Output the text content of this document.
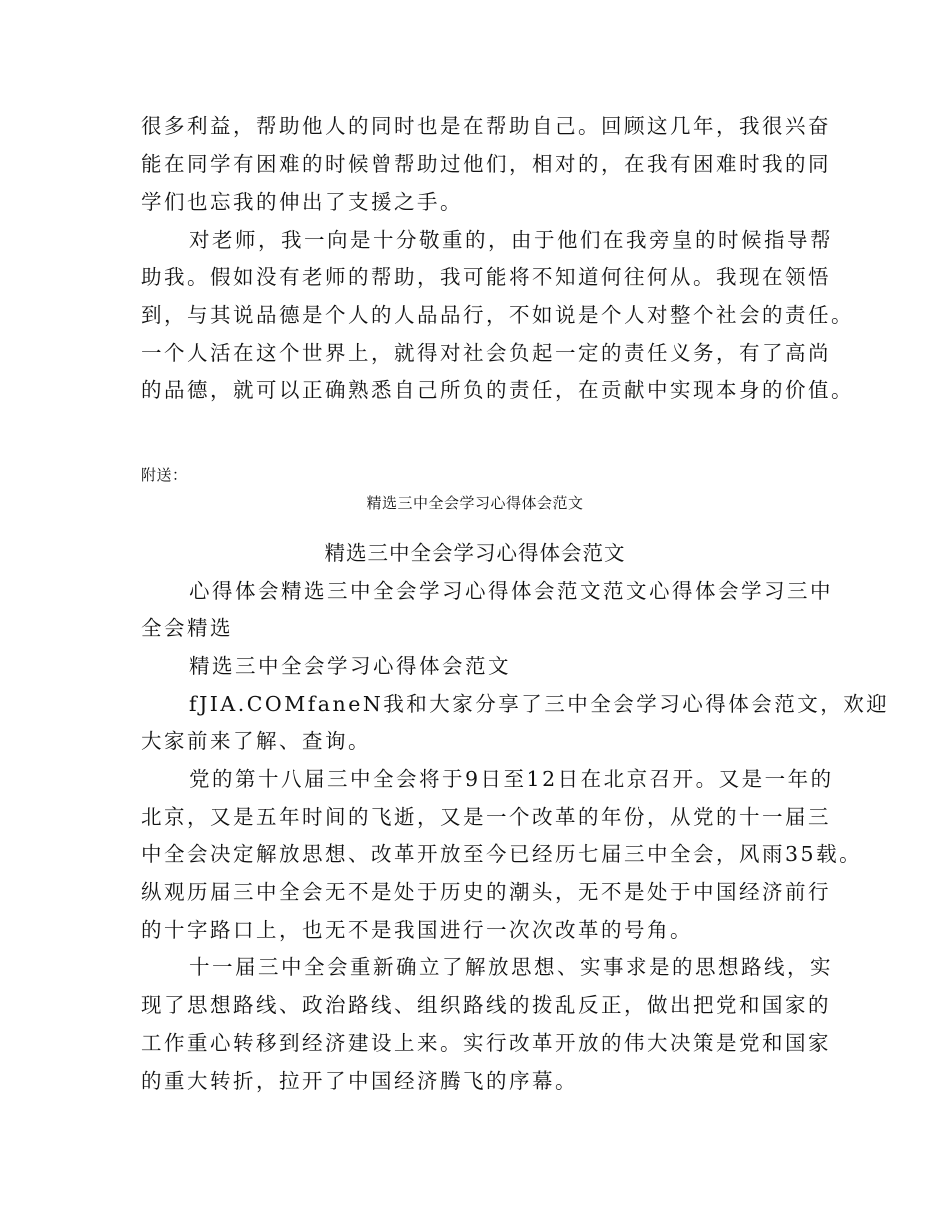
很多利益，帮助他人的同时也是在帮助自己。回顾这几年，我很兴奋
能在同学有困难的时候曾帮助过他们，相对的，在我有困难时我的同
学们也忘我的伸出了支援之手。
对老师，我一向是十分敬重的，由于他们在我旁皇的时候指导帮
助我。假如没有老师的帮助，我可能将不知道何往何从。我现在领悟
到，与其说品德是个人的人品品行，不如说是个人对整个社会的责任。
一个人活在这个世界上，就得对社会负起一定的责任义务，有了高尚
的品德，就可以正确熟悉自己所负的责任，在贡献中实现本身的价值。
附送：
精选三中全会学习心得体会范文
精选三中全会学习心得体会范文
心得体会精选三中全会学习心得体会范文范文心得体会学习三中
全会精选
精选三中全会学习心得体会范文
fJIA.COMfaneN我和大家分享了三中全会学习心得体会范文，欢迎
大家前来了解、查询。
党的第十八届三中全会将于9日至12日在北京召开。又是一年的
北京，又是五年时间的飞逝，又是一个改革的年份，从党的十一届三
中全会决定解放思想、改革开放至今已经历七届三中全会，风雨35载。
纵观历届三中全会无不是处于历史的潮头，无不是处于中国经济前行
的十字路口上，也无不是我国进行一次次改革的号角。
十一届三中全会重新确立了解放思想、实事求是的思想路线，实
现了思想路线、政治路线、组织路线的拨乱反正，做出把党和国家的
工作重心转移到经济建设上来。实行改革开放的伟大决策是党和国家
的重大转折，拉开了中国经济腾飞的序幕。
